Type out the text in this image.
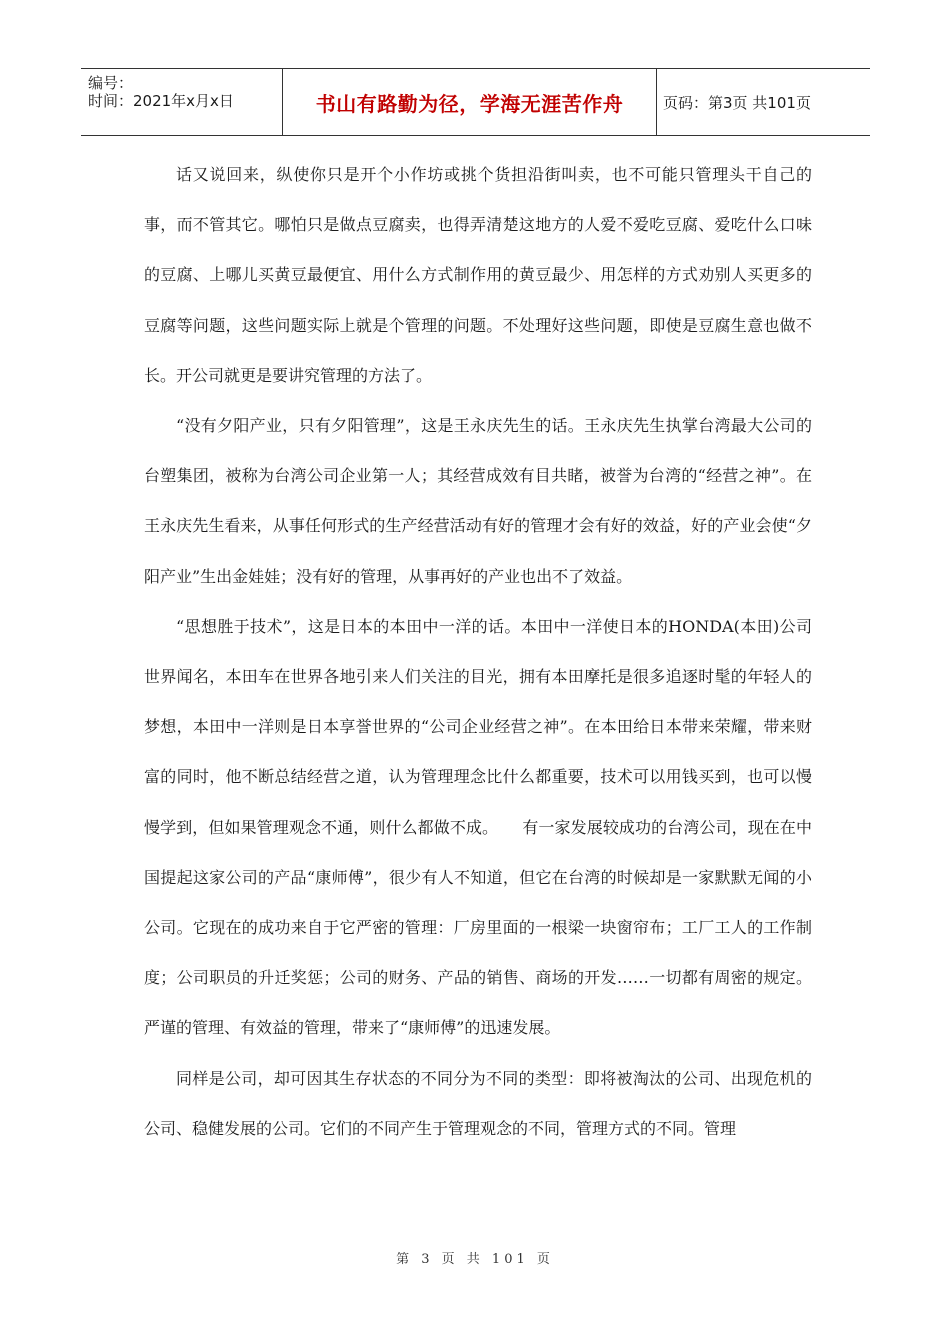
编号：
时间：2021年x月x日	书山有路勤为径，学海无涯苦作舟	页码：第3页 共101页

话又说回来，纵使你只是开个小作坊或挑个货担沿街叫卖，也不可能只管理头干自己的事，而不管其它。哪怕只是做点豆腐卖，也得弄清楚这地方的人爱不爱吃豆腐、爱吃什么口味的豆腐、上哪儿买黄豆最便宜、用什么方式制作用的黄豆最少、用怎样的方式劝别人买更多的豆腐等问题，这些问题实际上就是个管理的问题。不处理好这些问题，即使是豆腐生意也做不长。开公司就更是要讲究管理的方法了。

“没有夕阳产业，只有夕阳管理”，这是王永庆先生的话。王永庆先生执掌台湾最大公司的台塑集团，被称为台湾公司企业第一人；其经营成效有目共睹，被誉为台湾的“经营之神”。在王永庆先生看来，从事任何形式的生产经营活动有好的管理才会有好的效益，好的产业会使“夕阳产业”生出金娃娃；没有好的管理，从事再好的产业也出不了效益。

“思想胜于技术”，这是日本的本田中一洋的话。本田中一洋使日本的HONDA(本田)公司世界闻名，本田车在世界各地引来人们关注的目光，拥有本田摩托是很多追逐时髦的年轻人的梦想，本田中一洋则是日本享誉世界的“公司企业经营之神”。在本田给日本带来荣耀，带来财富的同时，他不断总结经营之道，认为管理理念比什么都重要，技术可以用钱买到，也可以慢慢学到，但如果管理观念不通，则什么都做不成。　　有一家发展较成功的台湾公司，现在在中国提起这家公司的产品“康师傅”，很少有人不知道，但它在台湾的时候却是一家默默无闻的小公司。它现在的成功来自于它严密的管理：厂房里面的一根梁一块窗帘布；工厂工人的工作制度；公司职员的升迁奖惩；公司的财务、产品的销售、商场的开发……一切都有周密的规定。严谨的管理、有效益的管理，带来了“康师傅”的迅速发展。

同样是公司，却可因其生存状态的不同分为不同的类型：即将被淘汰的公司、出现危机的公司、稳健发展的公司。它们的不同产生于管理观念的不同，管理方式的不同。管理

第 3 页 共 101 页
